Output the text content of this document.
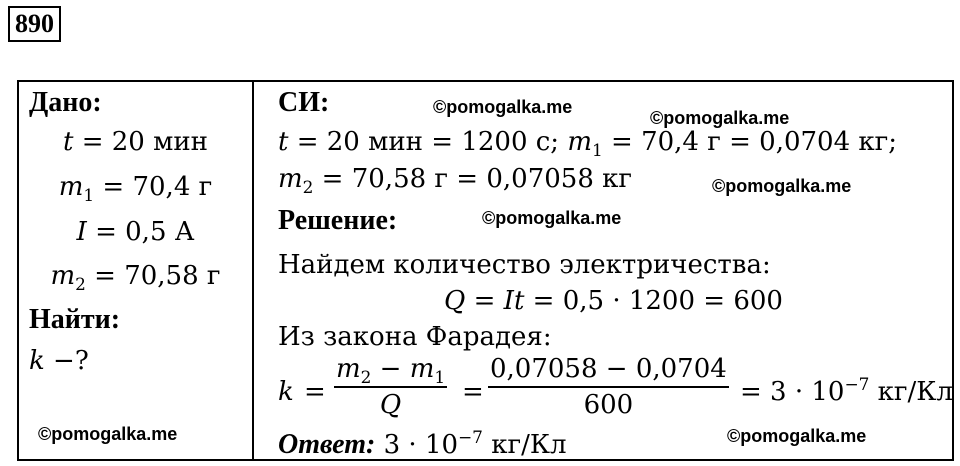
890
Дано:
t = 20 мин
$m_1 = 70,4$ г
I = 0,5 А
$m_2 = 70,58$ г
Найти:
k −?
СИ:
t = 20 мин = 1200 с; $m_1 = 70,4$ г = 0,0704 кг;
$m_2 = 70,58$ г = 0,07058 кг
Решение:
Найдем количество электричества:
Q = It = 0,5 · 1200 = 600
Из закона Фарадея:
$k = \frac{m_2 - m_1}{Q} = \frac{0,07058 - 0,0704}{600} = 3 \cdot 10^{-7}$ кг/Кл
Ответ: $3 \cdot 10^{-7}$ кг/Кл
©pomogalka.me
©pomogalka.me
©pomogalka.me
©pomogalka.me
©pomogalka.me	©pomogalka.me
